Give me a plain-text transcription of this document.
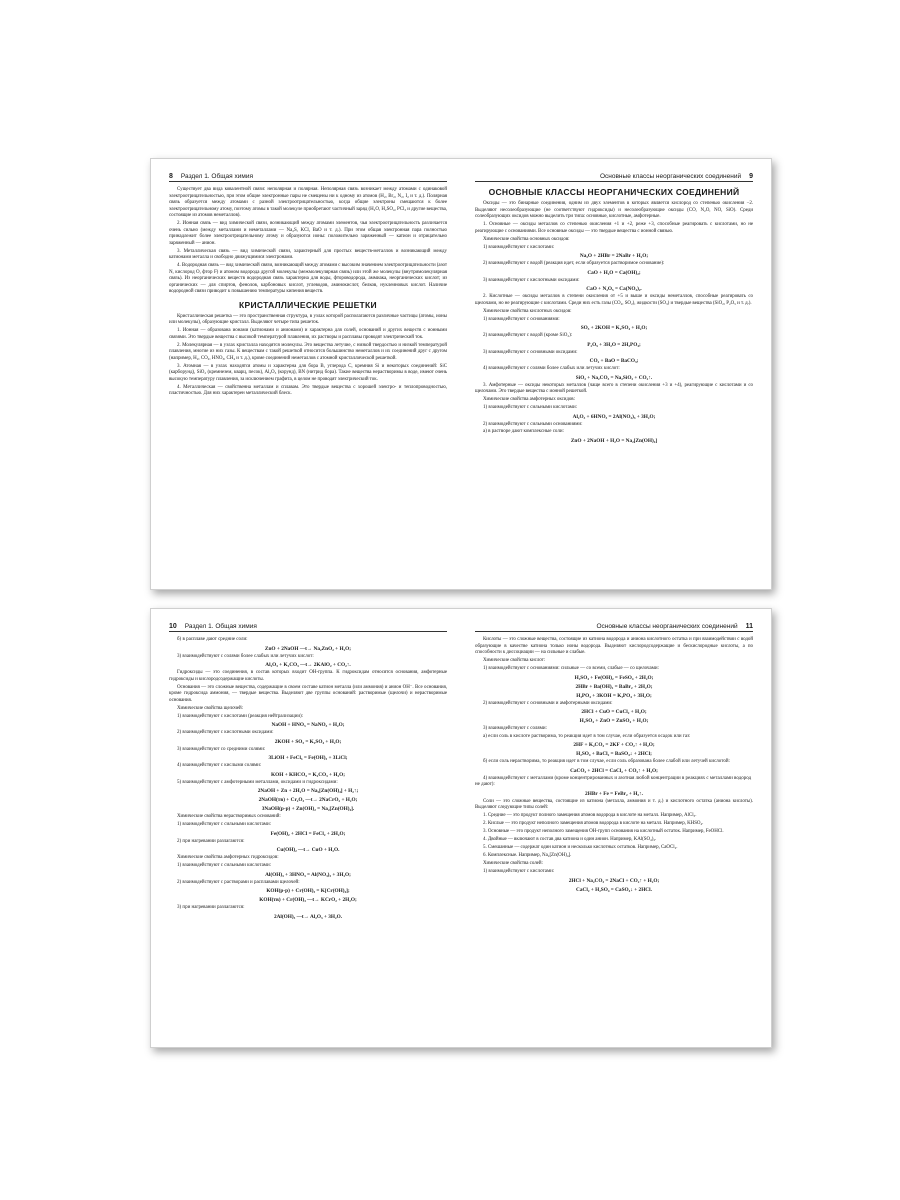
8	Раздел 1. Общая химия
Существует два вида ковалентной связи: неполярная и полярная. Неполярная связь возникает между атомами с одинаковой электроотрицательностью, при этом общие электронные пары не смещены ни к одному из атомов (H₂, Br₂, N₂, I₂ и т. д.). Полярная связь образуется между атомами с разной электроотрицательностью, когда общие электроны смещаются к более электроотрицательному атому, поэтому атомы в такой молекуле приобретают частичный заряд (H₂O, H₂SO₄, PCl₃ и другие вещества, состоящие из атомов неметаллов).
2. Ионная связь — вид химической связи, возникающий между атомами элементов, чья электроотрицательность различается очень сильно (между металлами и неметаллами — Na₂S, KCl, BaO и т. д.). При этом общая электронная пара полностью принадлежит более электроотрицательному атому и образуются ионы: положительно заряженный — катион и отрицательно заряженный — анион.
3. Металлическая связь — вид химической связи, характерный для простых веществ-металлов и возникающий между катионами металла и свободно движущимися электронами.
4. Водородная связь — вид химической связи, возникающий между атомами с высоким значением электроотрицательности (азот N, кислород O, фтор F) и атомом водорода другой молекулы (межмолекулярная связь) или этой же молекулы (внутримолекулярная связь). Из неорганических веществ водородная связь характерна для воды, фтороводорода, аммиака, неорганических кислот; из органических — для спиртов, фенолов, карбоновых кислот, углеводов, аминокислот, белков, нуклеиновых кислот. Наличие водородной связи приводит к повышению температуры кипения веществ.
КРИСТАЛЛИЧЕСКИЕ РЕШЕТКИ
Кристаллическая решетка — это пространственная структура, в узлах которой располагаются различные частицы (атомы, ионы или молекулы), образующие кристалл. Выделяют четыре типа решеток.
1. Ионная — образована ионами (катионами и анионами) и характерна для солей, оснований и других веществ с ионными связями. Это твердые вещества с высокой температурой плавления, их растворы и расплавы проводят электрический ток.
2. Молекулярная — в узлах кристалла находятся молекулы. Это вещества летучие, с низкой твердостью и низкой температурой плавления, многие из них газы. К веществам с такой решеткой относится большинство неметаллов и их соединений друг с другом (например, H₂, CO₂, HNO₃, CH₄ и т. д.), кроме соединений неметаллов с атомной кристаллической решеткой.
3. Атомная — в узлах находятся атомы и характерна для бора B, углерода C, кремния Si и некоторых соединений: SiC (карборунд), SiO₂ (кремнезем, кварц, песок), Al₂O₃ (корунд), BN (нитрид бора). Такие вещества нерастворимы в воде, имеют очень высокую температуру плавления, за исключением графита, в целом не проводят электрический ток.
4. Металлическая — свойственна металлам и сплавам. Это твердые вещества с хорошей электро- и теплопроводностью, пластичностью. Для них характерен металлический блеск.
Основные классы неорганических соединений	9
ОСНОВНЫЕ КЛАССЫ НЕОРГАНИЧЕСКИХ СОЕДИНЕНИЙ
Оксиды — это бинарные соединения, одним из двух элементов в которых является кислород со степенью окисления −2. Выделяют несолеобразующие (не соответствуют гидроксиды) и несолеобразующие оксиды (CO, N₂O, NO, SiO). Среди солеобразующих оксидов можно выделить три типа: основные, кислотные, амфотерные.
1. Основные — оксиды металлов со степенью окисления +1 и +2, реже +3, способные реагировать с кислотами, но не реагирующие с основаниями. Все основные оксиды — это твердые вещества с ионной связью.
Химические свойства основных оксидов:
1) взаимодействуют с кислотами:
Na₂O + 2HBr = 2NaBr + H₂O;
2) взаимодействуют с водой (реакция идет, если образуется растворимое основание):
CaO + H₂O = Ca(OH)₂;
3) взаимодействуют с кислотными оксидами:
CaO + N₂O₅ = Ca(NO₃)₂.
2. Кислотные — оксиды металлов в степени окисления от +5 и выше и оксиды неметаллов, способные реагировать со щелочами, но не реагирующие с кислотами. Среди них есть газы (CO₂, SO₂), жидкости (SO₃) и твердые вещества (SiO₂, P₂O₅ и т. д.).
Химические свойства кислотных оксидов:
1) взаимодействуют с основаниями:
SO₃ + 2KOH = K₂SO₄ + H₂O;
2) взаимодействуют с водой (кроме SiO₂):
P₂O₅ + 3H₂O = 2H₃PO₄;
3) взаимодействуют с основными оксидами:
CO₂ + BaO = BaCO₃;
4) взаимодействуют с солями более слабых или летучих кислот:
SiO₂ + Na₂CO₃ = Na₂SiO₃ + CO₂↑.
3. Амфотерные — оксиды некоторых металлов (чаще всего в степени окисления +3 и +4), реагирующие с кислотами и со щелочами. Это твердые вещества с ионной решеткой.
Химические свойства амфотерных оксидов:
1) взаимодействуют с сильными кислотами:
Al₂O₃ + 6HNO₃ = 2Al(NO₃)₃ + 3H₂O;
2) взаимодействуют с сильными основаниями:
а) в растворе дают комплексные соли:
ZnO + 2NaOH + H₂O = Na₂[Zn(OH)₄]
10	Раздел 1. Общая химия
б) в расплаве дают средние соли:
ZnO + 2NaOH —t→ Na₂ZnO₂ + H₂O;
3) взаимодействуют с солями более слабых или летучих кислот:
Al₂O₃ + K₂CO₃ —t→ 2KAlO₂ + CO₂↑.
Гидроксиды — это соединения, в состав которых входит OH-группа. К гидроксидам относятся основания, амфотерные гидроксиды и кислородсодержащие кислоты.
Основания — это сложные вещества, содержащие в своем составе катион металла (или аммония) и анион OH⁻. Все основания, кроме гидроксида аммония, — твердые вещества. Выделяют две группы оснований: растворимые (щелочи) и нерастворимые основания.
Химические свойства щелочей:
1) взаимодействуют с кислотами (реакция нейтрализации):
NaOH + HNO₃ = NaNO₃ + H₂O;
2) взаимодействуют с кислотными оксидами:
2KOH + SO₃ = K₂SO₄ + H₂O;
3) взаимодействуют со средними солями:
3LiOH + FeCl₃ = Fe(OH)₃ + 3LiCl;
4) взаимодействуют с кислыми солями:
KOH + KHCO₃ = K₂CO₃ + H₂O;
5) взаимодействуют с амфотерными металлами, оксидами и гидроксидами:
2NaOH + Zn + 2H₂O = Na₂[Zn(OH)₄] + H₂↑;
2NaOH(тв) + Cr₂O₃ —t→ 2NaCrO₂ + H₂O;
3NaOH(р-р) + Zn(OH)₂ = Na₂[Zn(OH)₄].
Химические свойства нерастворимых оснований:
1) взаимодействуют с сильными кислотами:
Fe(OH)₂ + 2HCl = FeCl₂ + 2H₂O;
2) при нагревании разлагаются:
Cu(OH)₂ —t→ CuO + H₂O.
Химические свойства амфотерных гидроксидов:
1) взаимодействуют с сильными кислотами:
Al(OH)₃ + 3HNO₃ = Al(NO₃)₃ + 3H₂O;
2) взаимодействуют с растворами и расплавами щелочей:
KOH(р-р) + Cr(OH)₃ = K[Cr(OH)₄];
KOH(тв) + Cr(OH)₃ —t→ KCrO₂ + 2H₂O;
3) при нагревании разлагаются:
2Al(OH)₃ —t→ Al₂O₃ + 3H₂O.
Основные классы неорганических соединений	11
Кислоты — это сложные вещества, состоящие из катиона водорода и аниона кислотного остатка и при взаимодействии с водой образующие в качестве катиона только ионы водорода. Выделяют кислородсодержащие и бескислородные кислоты, а по способности к диссоциации — на сильные и слабые.
Химические свойства кислот:
1) взаимодействуют с основаниями: сильные — со всеми, слабые — со щелочами:
H₂SO₄ + Fe(OH)₂ = FeSO₄ + 2H₂O;
2HBr + Ba(OH)₂ = BaBr₂ + 2H₂O;
H₃PO₄ + 3KOH = K₃PO₄ + 3H₂O;
2) взаимодействуют с основными и амфотерными оксидами:
2HCl + CuO = CuCl₂ + H₂O;
H₂SO₄ + ZnO = ZnSO₄ + H₂O;
3) взаимодействуют с солями:
а) если соль в кислоте растворима, то реакция идет в том случае, если образуется осадок или газ:
2HF + K₂CO₃ = 2KF + CO₂↑ + H₂O;
H₂SO₄ + BaCl₂ = BaSO₄↓ + 2HCl;
б) если соль нерастворима, то реакция идет в том случае, если соль образована более слабой или летучей кислотой:
CaCO₃ + 2HCl = CaCl₂ + CO₂↑ + H₂O;
4) взаимодействуют с металлами (кроме концентрированных и азотная любой концентрации в реакциях с металлами водород не дают):
2HBr + Fe = FeBr₂ + H₂↑.
Соли — это сложные вещества, состоящие из катиона (металла, аммония и т. д.) и кислотного остатка (аниона кислоты). Выделяют следующие типы солей:
1. Средние — это продукт полного замещения атомов водорода в кислоте на металл. Например, AlCl₃.
2. Кислые — это продукт неполного замещения атомов водорода в кислоте на металл. Например, KHSO₄.
3. Основные — это продукт неполного замещения OH-групп основания на кислотный остаток. Например, FeOHCl.
4. Двойные — включают в состав два катиона и один анион. Например, KAl(SO₄)₂.
5. Смешанные — содержат один катион и несколько кислотных остатков. Например, CaOCl₂.
6. Комплексные. Например, Na₂[Zn(OH)₄].
Химические свойства солей:
1) взаимодействуют с кислотами:
2HCl + Na₂CO₃ = 2NaCl + CO₂↑ + H₂O;
CaCl₂ + H₂SO₄ = CaSO₄↓ + 2HCl.
